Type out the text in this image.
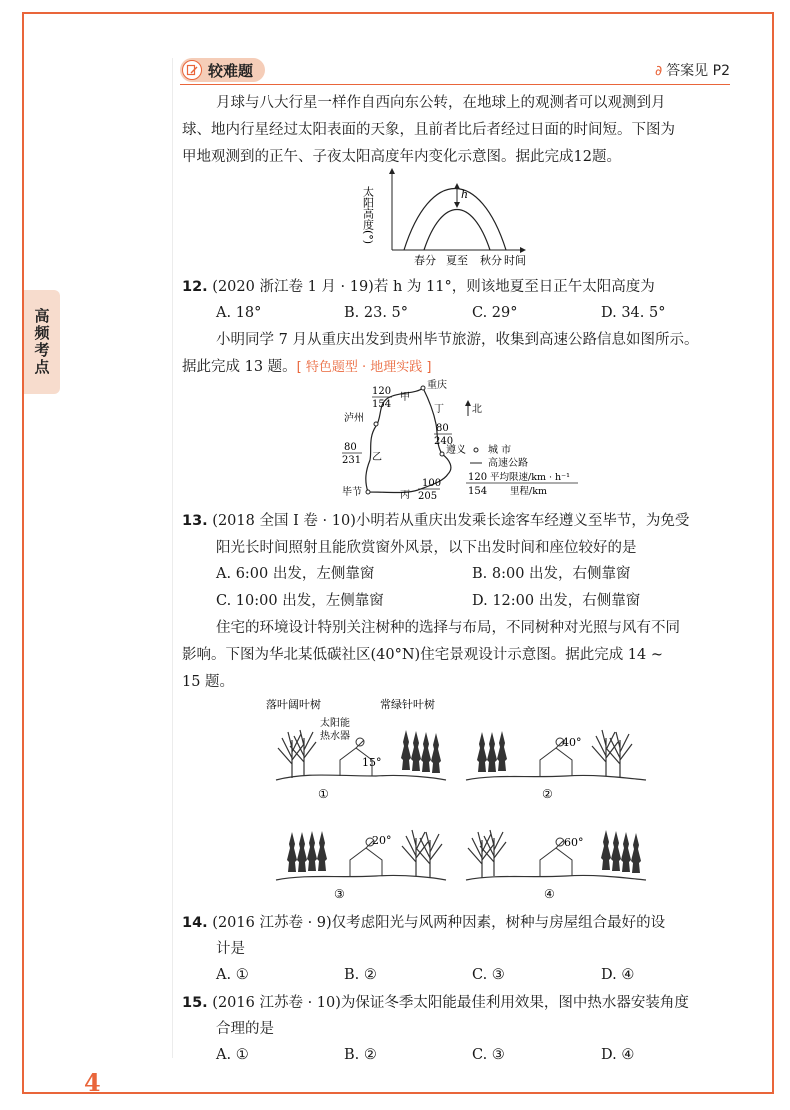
高频考点
4
较难题	∂ 答案见 P2
月球与八大行星一样作自西向东公转，在地球上的观测者可以观测到月
球、地内行星经过太阳表面的天象，且前者比后者经过日面的时间短。下图为
甲地观测到的正午、子夜太阳高度年内变化示意图。据此完成12题。
h
太阳高度(°)
春分 夏至 秋分 时间
12. (2020 浙江卷 1 月 · 19)若 h 为 11°，则该地夏至日正午太阳高度为
A. 18°	B. 23. 5°	C. 29°	D. 34. 5°
小明同学 7 月从重庆出发到贵州毕节旅游，收集到高速公路信息如图所示。
据此完成 13 题。[ 特色题型 · 地理实践 ]
重庆
泸州
遵义
毕节
甲
乙
丙
丁
120
154
80
240
80
231
100
205
北
城 市
高速公路
120
154
平均限速/km · h⁻¹
里程/km
13. (2018 全国 Ⅰ 卷 · 10)小明若从重庆出发乘长途客车经遵义至毕节，为免受
阳光长时间照射且能欣赏窗外风景，以下出发时间和座位较好的是
A. 6:00 出发，左侧靠窗	B. 8:00 出发，右侧靠窗
C. 10:00 出发，左侧靠窗	D. 12:00 出发，右侧靠窗
住宅的环境设计特别关注树种的选择与布局，不同树种对光照与风有不同
影响。下图为华北某低碳社区(40°N)住宅景观设计示意图。据此完成 14 ~
15 题。
落叶阔叶树
太阳能
热水器
常绿针叶树
15°
①
40°
②
20°
③
60°
④
14. (2016 江苏卷 · 9)仅考虑阳光与风两种因素，树种与房屋组合最好的设
计是
A. ①	B. ②	C. ③	D. ④
15. (2016 江苏卷 · 10)为保证冬季太阳能最佳利用效果，图中热水器安装角度
合理的是
A. ①	B. ②	C. ③	D. ④
